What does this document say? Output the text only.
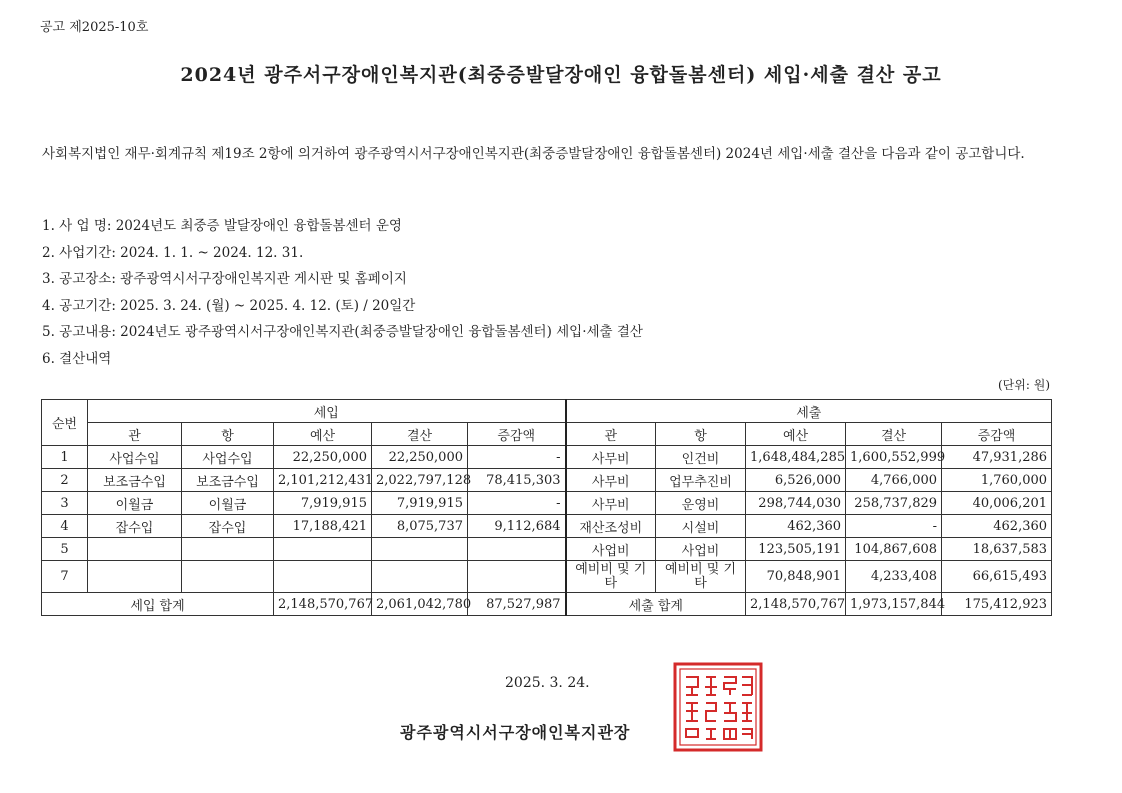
공고 제2025-10호
2024년 광주서구장애인복지관(최중증발달장애인 융합돌봄센터) 세입·세출 결산 공고
사회복지법인 재무·회계규칙 제19조 2항에 의거하여 광주광역시서구장애인복지관(최중증발달장애인 융합돌봄센터) 2024년 세입·세출 결산을 다음과 같이 공고합니다.
1. 사 업 명: 2024년도 최중증 발달장애인 융합돌봄센터 운영
2. 사업기간: 2024. 1. 1. ~ 2024. 12. 31.
3. 공고장소: 광주광역시서구장애인복지관 게시판 및 홈페이지
4. 공고기간: 2025. 3. 24. (월) ~ 2025. 4. 12. (토) / 20일간
5. 공고내용: 2024년도 광주광역시서구장애인복지관(최중증발달장애인 융합돌봄센터) 세입·세출 결산
6. 결산내역
(단위: 원)
순번	세입					세출				
	관	항	예산	결산	증감액	관	항	예산	결산	증감액
1	사업수입	사업수입	22,250,000	22,250,000	-	사무비	인건비	1,648,484,285	1,600,552,999	47,931,286
2	보조금수입	보조금수입	2,101,212,431	2,022,797,128	78,415,303	사무비	업무추진비	6,526,000	4,766,000	1,760,000
3	이월금	이월금	7,919,915	7,919,915	-	사무비	운영비	298,744,030	258,737,829	40,006,201
4	잡수입	잡수입	17,188,421	8,075,737	9,112,684	재산조성비	시설비	462,360	-	462,360
5						사업비	사업비	123,505,191	104,867,608	18,637,583
7						예비비 및 기타	예비비 및 기타	70,848,901	4,233,408	66,615,493
세입 합계			2,148,570,767	2,061,042,780	87,527,987	세출 합계		2,148,570,767	1,973,157,844	175,412,923
2025. 3. 24.
광주광역시서구장애인복지관장
